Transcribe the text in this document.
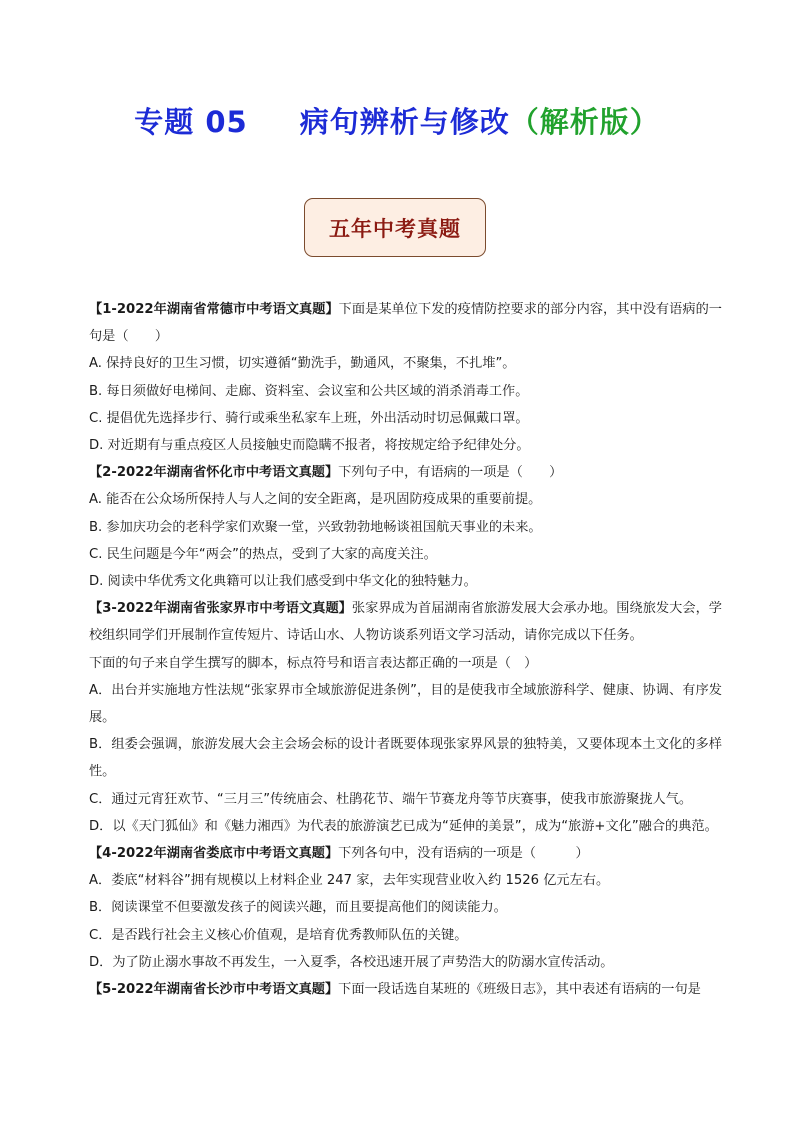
专题 05 病句辨析与修改（解析版）
五年中考真题

【1-2022年湖南省常德市中考语文真题】下面是某单位下发的疫情防控要求的部分内容，其中没有语病的一句是（　　）

A. 保持良好的卫生习惯，切实遵循“勤洗手，勤通风，不聚集，不扎堆”。

B. 每日须做好电梯间、走廊、资料室、会议室和公共区域的消杀消毒工作。

C. 提倡优先选择步行、骑行或乘坐私家车上班，外出活动时切忌佩戴口罩。

D. 对近期有与重点疫区人员接触史而隐瞒不报者，将按规定给予纪律处分。

【2-2022年湖南省怀化市中考语文真题】下列句子中，有语病的一项是（　　）

A. 能否在公众场所保持人与人之间的安全距离，是巩固防疫成果的重要前提。

B. 参加庆功会的老科学家们欢聚一堂，兴致勃勃地畅谈祖国航天事业的未来。

C. 民生问题是今年“两会”的热点，受到了大家的高度关注。

D. 阅读中华优秀文化典籍可以让我们感受到中华文化的独特魅力。

【3-2022年湖南省张家界市中考语文真题】张家界成为首届湖南省旅游发展大会承办地。围绕旅发大会，学校组织同学们开展制作宣传短片、诗话山水、人物访谈系列语文学习活动，请你完成以下任务。

下面的句子来自学生撰写的脚本，标点符号和语言表达都正确的一项是（　）

A．出台并实施地方性法规“张家界市全域旅游促进条例”，目的是使我市全域旅游科学、健康、协调、有序发展。

B．组委会强调，旅游发展大会主会场会标的设计者既要体现张家界风景的独特美，又要体现本土文化的多样性。

C．通过元宵狂欢节、“三月三”传统庙会、杜鹃花节、端午节赛龙舟等节庆赛事，使我市旅游聚拢人气。

D．以《天门狐仙》和《魅力湘西》为代表的旅游演艺已成为“延伸的美景”，成为“旅游+文化”融合的典范。

【4-2022年湖南省娄底市中考语文真题】下列各句中，没有语病的一项是（　　　）

A．娄底“材料谷”拥有规模以上材料企业 247 家，去年实现营业收入约 1526 亿元左右。

B．阅读课堂不但要激发孩子的阅读兴趣，而且要提高他们的阅读能力。

C．是否践行社会主义核心价值观，是培育优秀教师队伍的关键。

D．为了防止溺水事故不再发生，一入夏季，各校迅速开展了声势浩大的防溺水宣传活动。

【5-2022年湖南省长沙市中考语文真题】下面一段话选自某班的《班级日志》，其中表述有语病的一句是
